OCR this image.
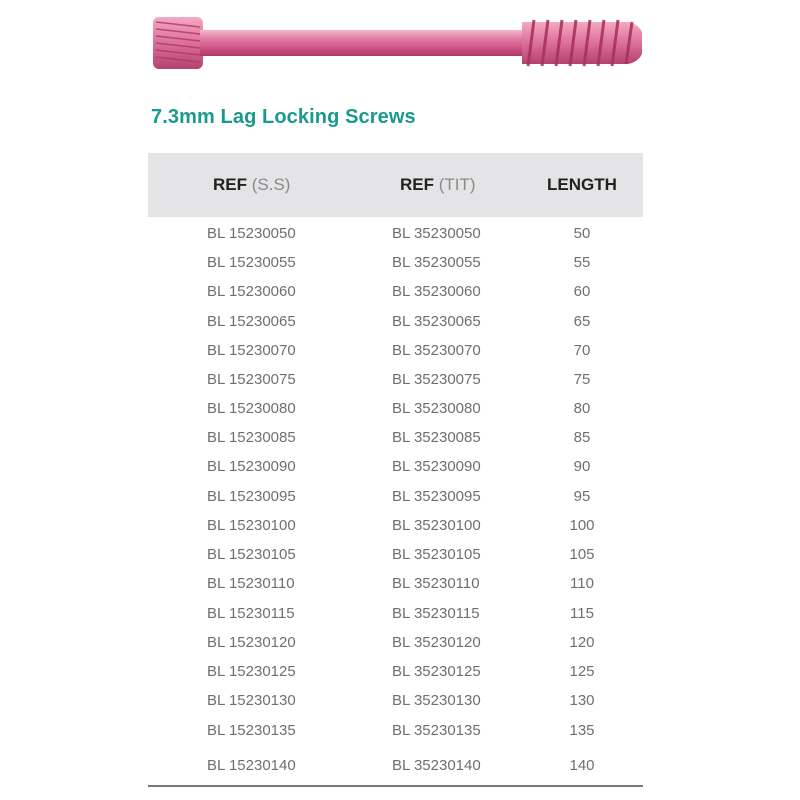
7.3mm Lag Locking Screws
REF (S.S)	REF (TIT)	LENGTH
BL 15230050	BL 35230050	50
BL 15230055	BL 35230055	55
BL 15230060	BL 35230060	60
BL 15230065	BL 35230065	65
BL 15230070	BL 35230070	70
BL 15230075	BL 35230075	75
BL 15230080	BL 35230080	80
BL 15230085	BL 35230085	85
BL 15230090	BL 35230090	90
BL 15230095	BL 35230095	95
BL 15230100	BL 35230100	100
BL 15230105	BL 35230105	105
BL 15230110	BL 35230110	110
BL 15230115	BL 35230115	115
BL 15230120	BL 35230120	120
BL 15230125	BL 35230125	125
BL 15230130	BL 35230130	130
BL 15230135	BL 35230135	135
BL 15230140	BL 35230140	140
